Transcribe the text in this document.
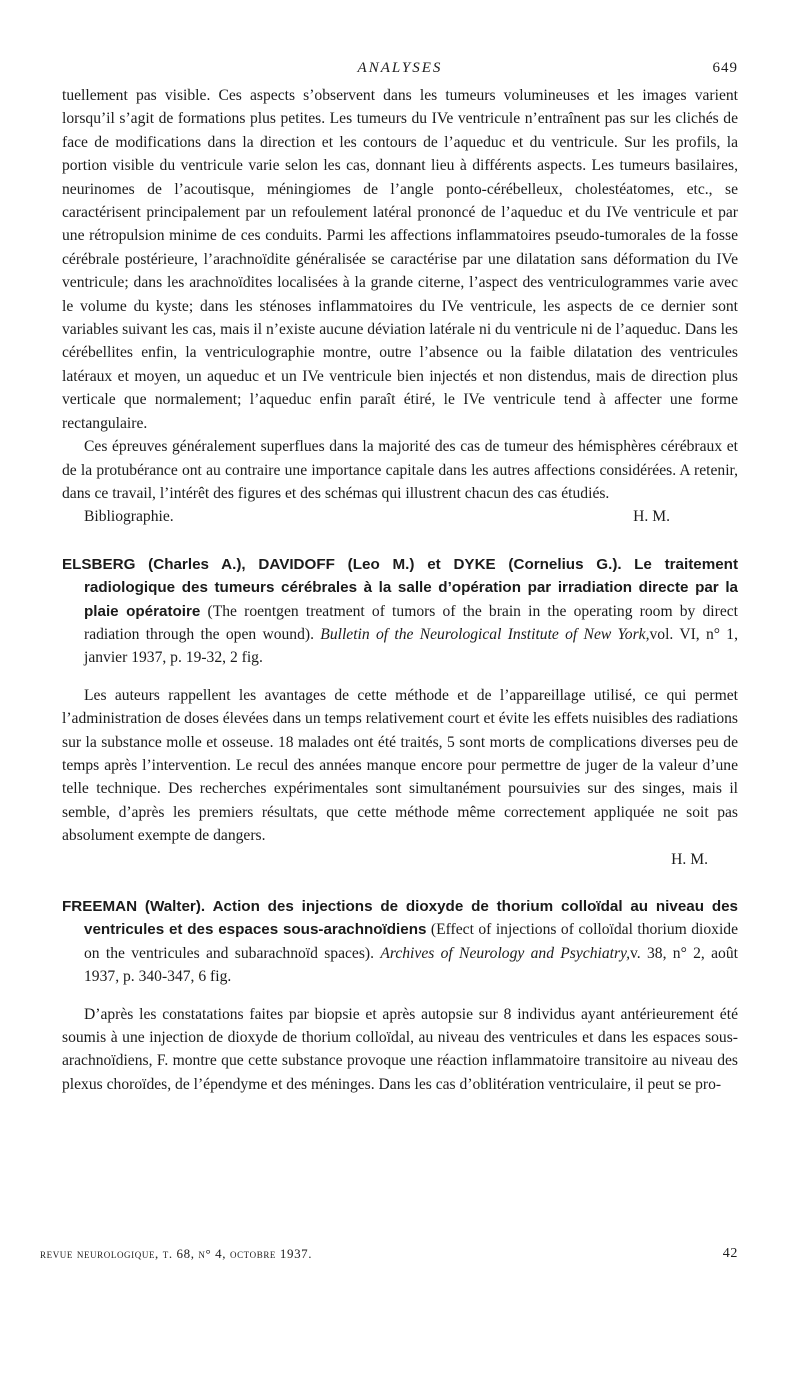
ANALYSES	649

tuellement pas visible. Ces aspects s’observent dans les tumeurs volumineuses et les images varient lorsqu’il s’agit de formations plus petites. Les tumeurs du IVe ventricule n’entraînent pas sur les clichés de face de modifications dans la direction et les contours de l’aqueduc et du ventricule. Sur les profils, la portion visible du ventricule varie selon les cas, donnant lieu à différents aspects. Les tumeurs basilaires, neurinomes de l’acoutisque, méningiomes de l’angle ponto-cérébelleux, cholestéatomes, etc., se caractérisent principalement par un refoulement latéral prononcé de l’aqueduc et du IVe ventricule et par une rétropulsion minime de ces conduits. Parmi les affections inflammatoires pseudo-tumorales de la fosse cérébrale postérieure, l’arachnoïdite généralisée se caractérise par une dilatation sans déformation du IVe ventricule; dans les arachnoïdites localisées à la grande citerne, l’aspect des ventriculogrammes varie avec le volume du kyste; dans les sténoses inflammatoires du IVe ventricule, les aspects de ce dernier sont variables suivant les cas, mais il n’existe aucune déviation latérale ni du ventricule ni de l’aqueduc. Dans les cérébellites enfin, la ventriculographie montre, outre l’absence ou la faible dilatation des ventricules latéraux et moyen, un aqueduc et un IVe ventricule bien injectés et non distendus, mais de direction plus verticale que normalement; l’aqueduc enfin paraît étiré, le IVe ventricule tend à affecter une forme rectangulaire.

Ces épreuves généralement superflues dans la majorité des cas de tumeur des hémisphères cérébraux et de la protubérance ont au contraire une importance capitale dans les autres affections considérées. A retenir, dans ce travail, l’intérêt des figures et des schémas qui illustrent chacun des cas étudiés.

Bibliographie.	H. M.

ELSBERG (Charles A.), DAVIDOFF (Leo M.) et DYKE (Cornelius G.). Le traitement radiologique des tumeurs cérébrales à la salle d’opération par irradiation directe par la plaie opératoire (The roentgen treatment of tumors of the brain in the operating room by direct radiation through the open wound). Bulletin of the Neurological Institute of New York,vol. VI, n° 1, janvier 1937, p. 19-32, 2 fig.

Les auteurs rappellent les avantages de cette méthode et de l’appareillage utilisé, ce qui permet l’administration de doses élevées dans un temps relativement court et évite les effets nuisibles des radiations sur la substance molle et osseuse. 18 malades ont été traités, 5 sont morts de complications diverses peu de temps après l’intervention. Le recul des années manque encore pour permettre de juger de la valeur d’une telle technique. Des recherches expérimentales sont simultanément poursuivies sur des singes, mais il semble, d’après les premiers résultats, que cette méthode même correctement appliquée ne soit pas absolument exempte de dangers.

H. M.

FREEMAN (Walter). Action des injections de dioxyde de thorium colloïdal au niveau des ventricules et des espaces sous-arachnoïdiens (Effect of injections of colloïdal thorium dioxide on the ventricules and subarachnoïd spaces). Archives of Neurology and Psychiatry,v. 38, n° 2, août 1937, p. 340-347, 6 fig.

D’après les constatations faites par biopsie et après autopsie sur 8 individus ayant antérieurement été soumis à une injection de dioxyde de thorium colloïdal, au niveau des ventricules et dans les espaces sous-arachnoïdiens, F. montre que cette substance provoque une réaction inflammatoire transitoire au niveau des plexus choroïdes, de l’épendyme et des méninges. Dans les cas d’oblitération ventriculaire, il peut se pro-

revue neurologique, t. 68, n° 4, octobre 1937.	42
